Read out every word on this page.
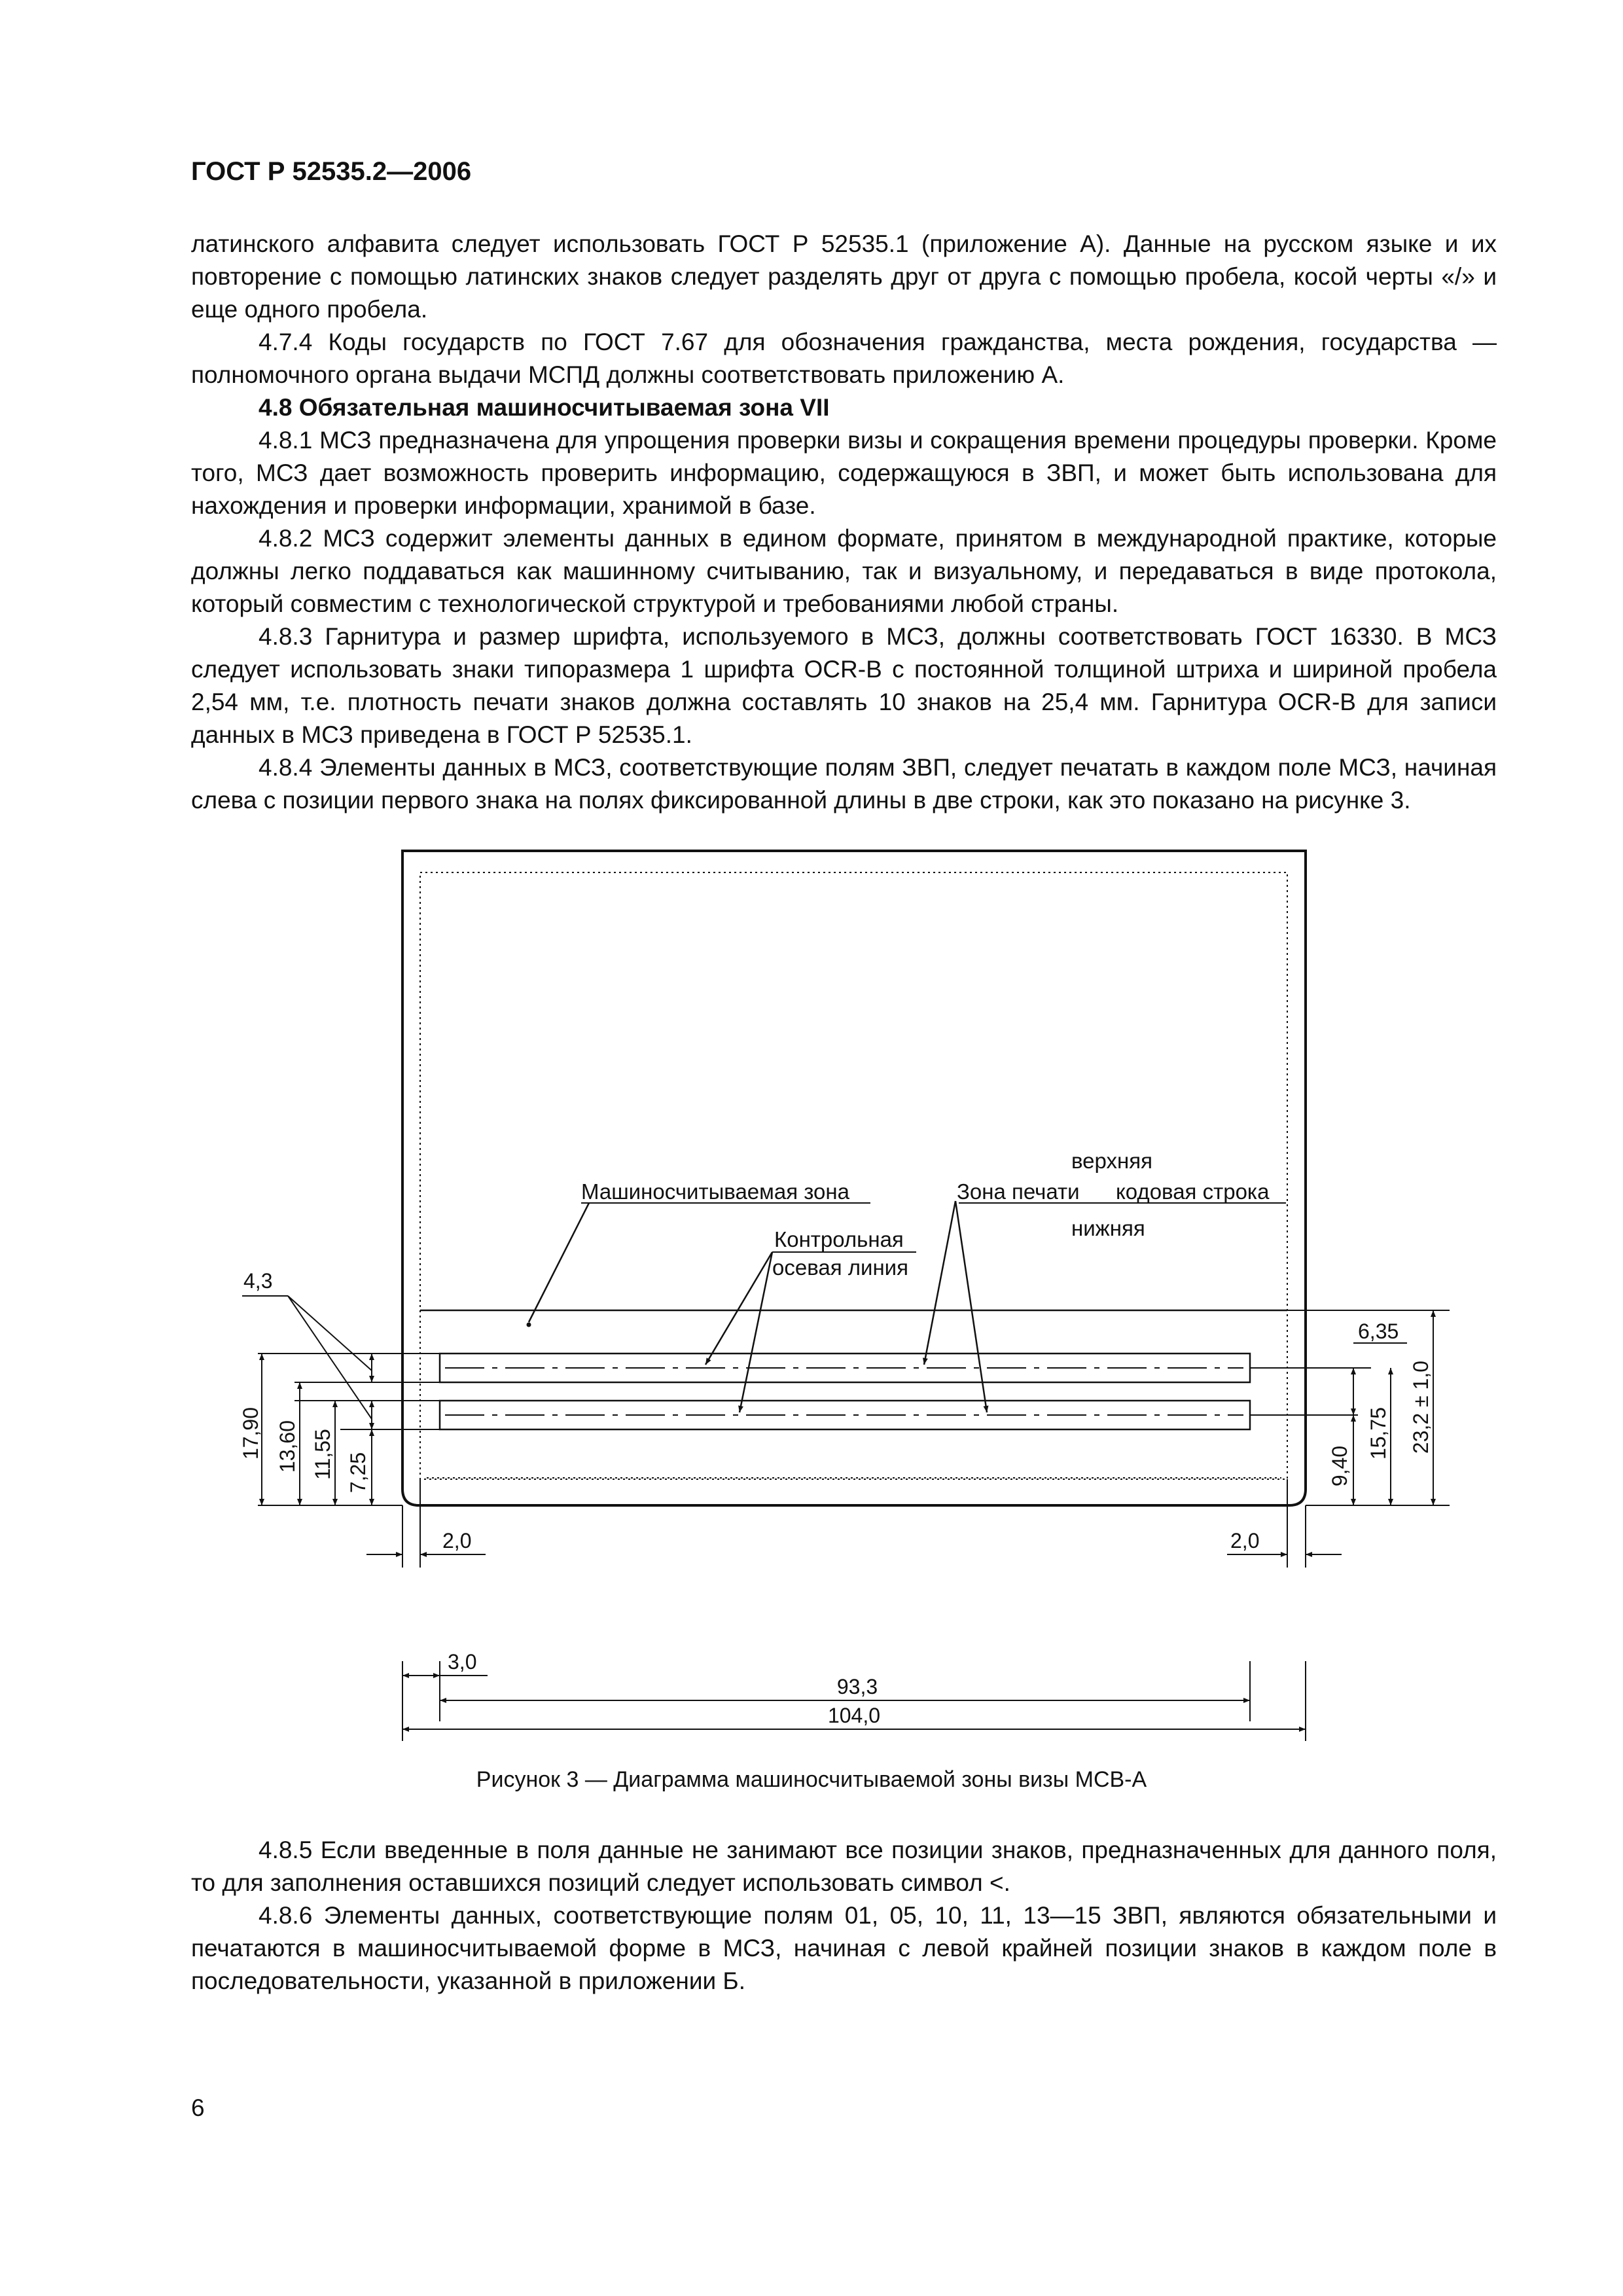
ГОСТ Р 52535.2—2006

латинского алфавита следует использовать ГОСТ Р 52535.1 (приложение А). Данные на русском языке и их повторение с помощью латинских знаков следует разделять друг от друга с помощью пробела, косой черты «/» и еще одного пробела.

4.7.4 Коды государств по ГОСТ 7.67 для обозначения гражданства, места рождения, государства — полномочного органа выдачи МСПД должны соответствовать приложению А.

4.8 Обязательная машиносчитываемая зона VII

4.8.1 МСЗ предназначена для упрощения проверки визы и сокращения времени процедуры проверки. Кроме того, МСЗ дает возможность проверить информацию, содержащуюся в ЗВП, и может быть использована для нахождения и проверки информации, хранимой в базе.

4.8.2 МСЗ содержит элементы данных в едином формате, принятом в международной практике, которые должны легко поддаваться как машинному считыванию, так и визуальному, и передаваться в виде протокола, который совместим с технологической структурой и требованиями любой страны.

4.8.3 Гарнитура и размер шрифта, используемого в МСЗ, должны соответствовать ГОСТ 16330. В МСЗ следует использовать знаки типоразмера 1 шрифта OCR-B с постоянной толщиной штриха и шириной пробела 2,54 мм, т.е. плотность печати знаков должна составлять 10 знаков на 25,4 мм. Гарнитура OCR-B для записи данных в МСЗ приведена в ГОСТ Р 52535.1.

4.8.4 Элементы данных в МСЗ, соответствующие полям ЗВП, следует печатать в каждом поле МСЗ, начиная слева с позиции первого знака на полях фиксированной длины в две строки, как это показано на рисунке 3.

верхняя
Машиносчитываемая зона	Зона печати кодовая строка
нижняя
Контрольная
осевая линия
4,3
17,90 13,60 11,55 7,25
6,35
23,2 ± 1,0
15,75
9,40
2,0	2,0
3,0
93,3
104,0
Рисунок 3 — Диаграмма машиносчитываемой зоны визы МСВ-А

4.8.5 Если введенные в поля данные не занимают все позиции знаков, предназначенных для данного поля, то для заполнения оставшихся позиций следует использовать символ <.

4.8.6 Элементы данных, соответствующие полям 01, 05, 10, 11, 13—15 ЗВП, являются обязательными и печатаются в машиносчитываемой форме в МСЗ, начиная с левой крайней позиции знаков в каждом поле в последовательности, указанной в приложении Б.

6
